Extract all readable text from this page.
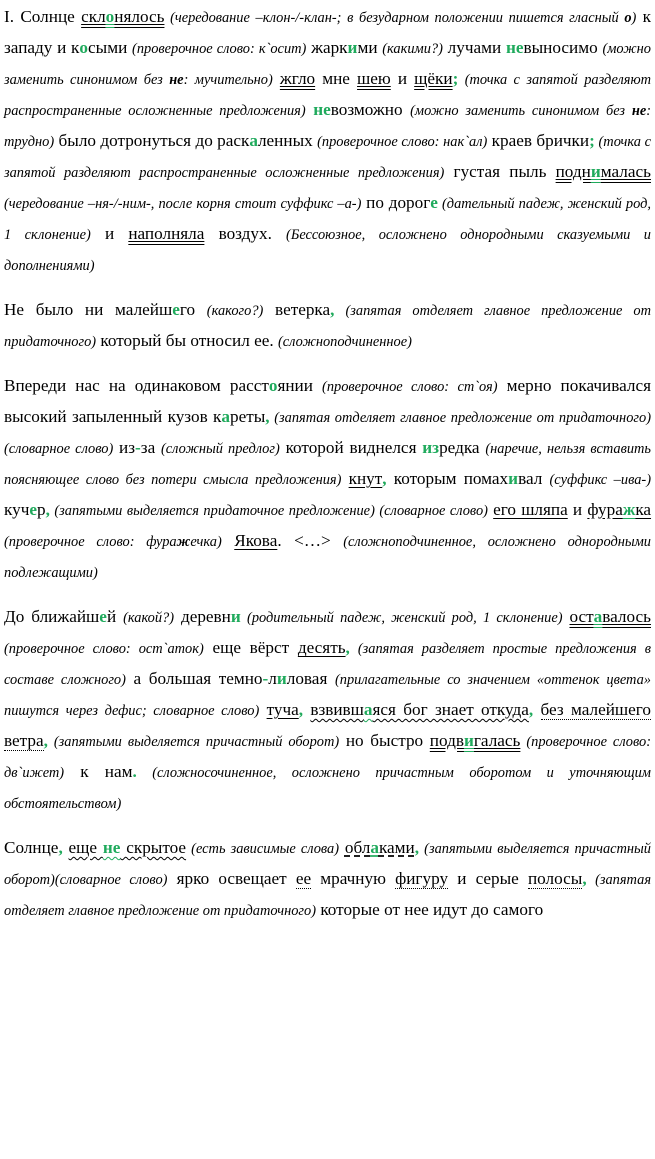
I. Солнце склонялось (чередование –клон-/-клан-; в безударном положении пишется гласный о) к западу и косыми (проверочное слово: к`осит) жаркими (какими?) лучами невыносимо (можно заменить синонимом без не: мучительно) жгло мне шею и щёки; (точка с запятой разделяют распространенные осложненные предложения) невозможно (можно заменить синонимом без не: трудно) было дотронуться до раскаленных (проверочное слово: нак`ал) краев брички; (точка с запятой разделяют распространенные осложненные предложения) густая пыль поднималась (чередование –ня-/-ним-, после корня стоит суффикс –а-) по дороге (дательный падеж, женский род, 1 склонение) и наполняла воздух. (Бессоюзное, осложнено однородными сказуемыми и дополнениями)

Не было ни малейшего (какого?) ветерка, (запятая отделяет главное предложение от придаточного) который бы относил ее. (сложноподчиненное)

Впереди нас на одинаковом расстоянии (проверочное слово: ст`оя) мерно покачивался высокий запыленный кузов кареты, (запятая отделяет главное предложение от придаточного) (словарное слово) из-за (сложный предлог) которой виднелся изредка (наречие, нельзя вставить поясняющее слово без потери смысла предложения) кнут, которым помахивал (суффикс –ива-) кучер, (запятыми выделяется придаточное предложение) (словарное слово) его шляпа и фуражка (проверочное слово: фуражечка) Якова. <…> (сложноподчиненное, осложнено однородными подлежащими)

До ближайшей (какой?) деревни (родительный падеж, женский род, 1 склонение) оставалось (проверочное слово: ост`аток) еще вёрст десять, (запятая разделяет простые предложения в составе сложного) а большая темно-лиловая (прилагательные со значением «оттенок цвета» пишутся через дефис; словарное слово) туча, взвившаяся бог знает откуда, без малейшего ветра, (запятыми выделяется причастный оборот) но быстро подвигалась (проверочное слово: дв`ижет) к нам. (сложносочиненное, осложнено причастным оборотом и уточняющим обстоятельством)

Солнце, еще не скрытое (есть зависимые слова) облаками, (запятыми выделяется причастный оборот)(словарное слово) ярко освещает ее мрачную фигуру и серые полосы, (запятая отделяет главное предложение от придаточного) которые от нее идут до самого
